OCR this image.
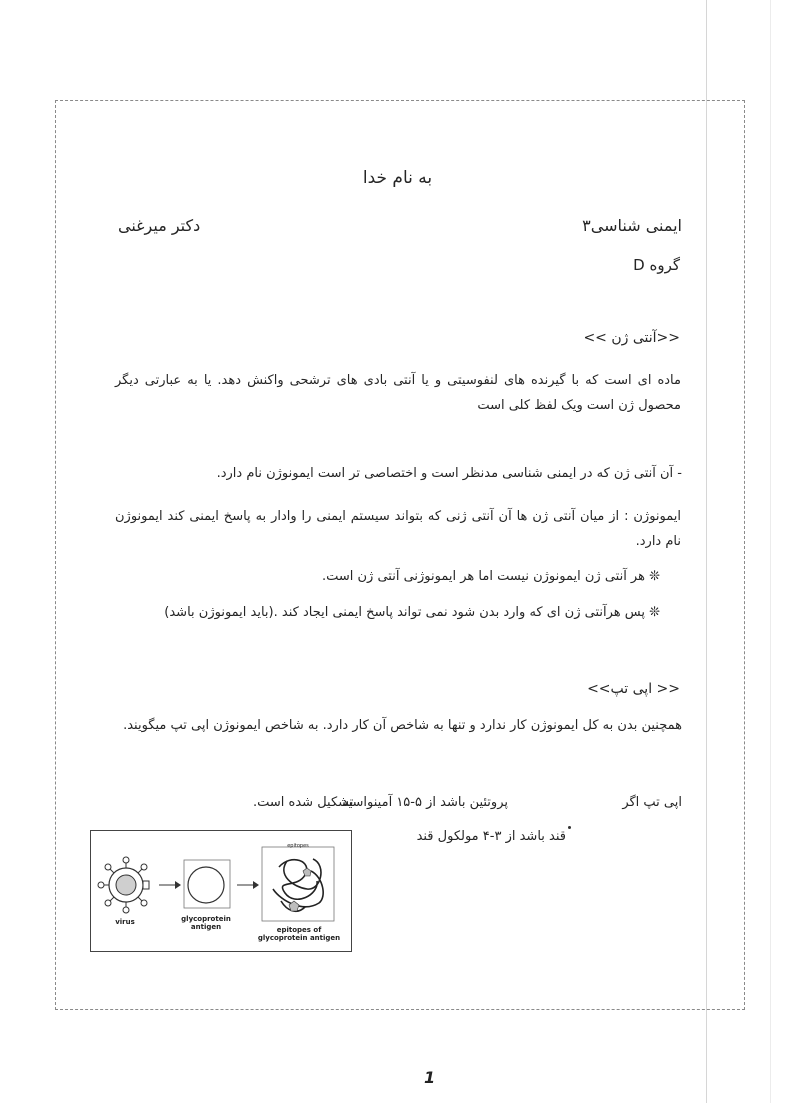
به نام خدا
ایمنی شناسی۳
دکتر میرغنی
گروه D
<<آنتی ژن >>
ماده ای است که با گیرنده های لنفوسیتی و یا آنتی بادی های ترشحی واکنش دهد. یا به عبارتی دیگر محصول ژن است ویک لفظ کلی است
- آن آنتی ژن که در ایمنی شناسی مدنظر است و اختصاصی تر است ایمونوژن نام دارد.
ایمونوژن : از میان آنتی ژن ها آن آنتی ژنی که بتواند سیستم ایمنی را وادار به پاسخ ایمنی کند ایمونوژن نام دارد.
❊ هر آنتی ژن ایمونوژن نیست اما هر ایمونوژنی آنتی ژن است.
❊ پس هرآنتی ژن ای که وارد بدن شود نمی تواند پاسخ ایمنی ایجاد کند .(باید ایمونوژن باشد)
<< اپی تپ>>
همچنین بدن به کل ایمونوژن کار ندارد و تنها به شاخص آن کار دارد. به شاخص ایمونوژن اپی تپ میگویند.
اپی تپ اگر
پروتئین باشد از ۵-۱۵ آمینواسید
تشکیل شده است.
قند باشد از ۳-۴ مولکول قند
epitopes
virus	glycoprotein antigen	epitopes of glycoprotein antigen
1
